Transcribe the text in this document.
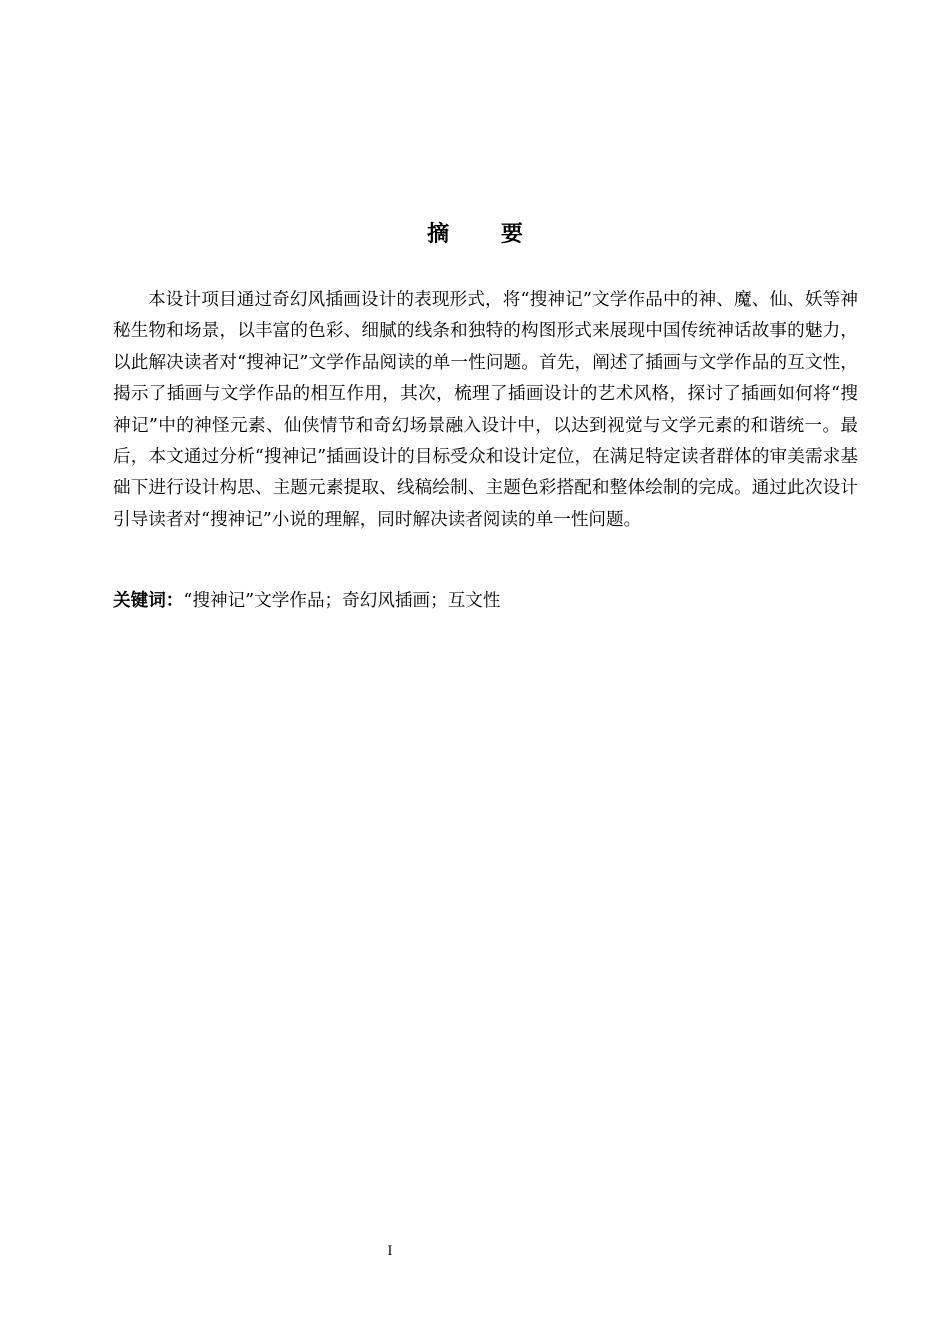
摘 要

本设计项目通过奇幻风插画设计的表现形式，将“搜神记”文学作品中的神、魔、仙、妖等神秘生物和场景，以丰富的色彩、细腻的线条和独特的构图形式来展现中国传统神话故事的魅力，以此解决读者对“搜神记”文学作品阅读的单一性问题。首先，阐述了插画与文学作品的互文性，揭示了插画与文学作品的相互作用，其次，梳理了插画设计的艺术风格，探讨了插画如何将“搜神记”中的神怪元素、仙侠情节和奇幻场景融入设计中，以达到视觉与文学元素的和谐统一。最后，本文通过分析“搜神记”插画设计的目标受众和设计定位，在满足特定读者群体的审美需求基础下进行设计构思、主题元素提取、线稿绘制、主题色彩搭配和整体绘制的完成。通过此次设计引导读者对“搜神记”小说的理解，同时解决读者阅读的单一性问题。

关键词：“搜神记”文学作品；奇幻风插画；互文性

I
